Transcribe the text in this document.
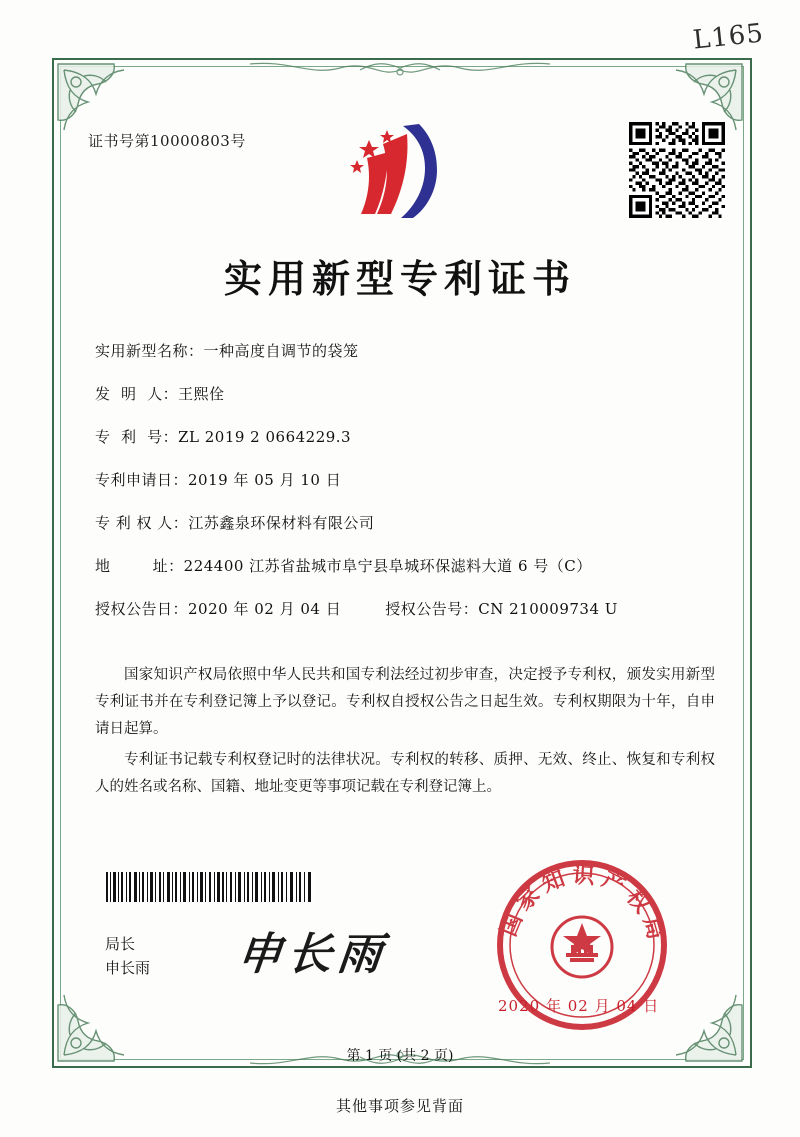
L165
证书号第10000803号
实用新型专利证书
实用新型名称： 一种高度自调节的袋笼
发  明  人： 王熙佺
专  利  号： ZL 2019 2 0664229.3
专利申请日： 2019 年 05 月 10 日
专 利 权 人： 江苏鑫泉环保材料有限公司
地        址： 224400 江苏省盐城市阜宁县阜城环保滤料大道 6 号（C）
授权公告日： 2020 年 02 月 04 日	授权公告号： CN 210009734 U

国家知识产权局依照中华人民共和国专利法经过初步审查，决定授予专利权，颁发实用新型专利证书并在专利登记簿上予以登记。专利权自授权公告之日起生效。专利权期限为十年，自申请日起算。

专利证书记载专利权登记时的法律状况。专利权的转移、质押、无效、终止、恢复和专利权人的姓名或名称、国籍、地址变更等事项记载在专利登记簿上。

申长雨
局长
申长雨
国家知识产权局
2020 年 02 月 04 日
第 1 页 (共 2 页)
其他事项参见背面
